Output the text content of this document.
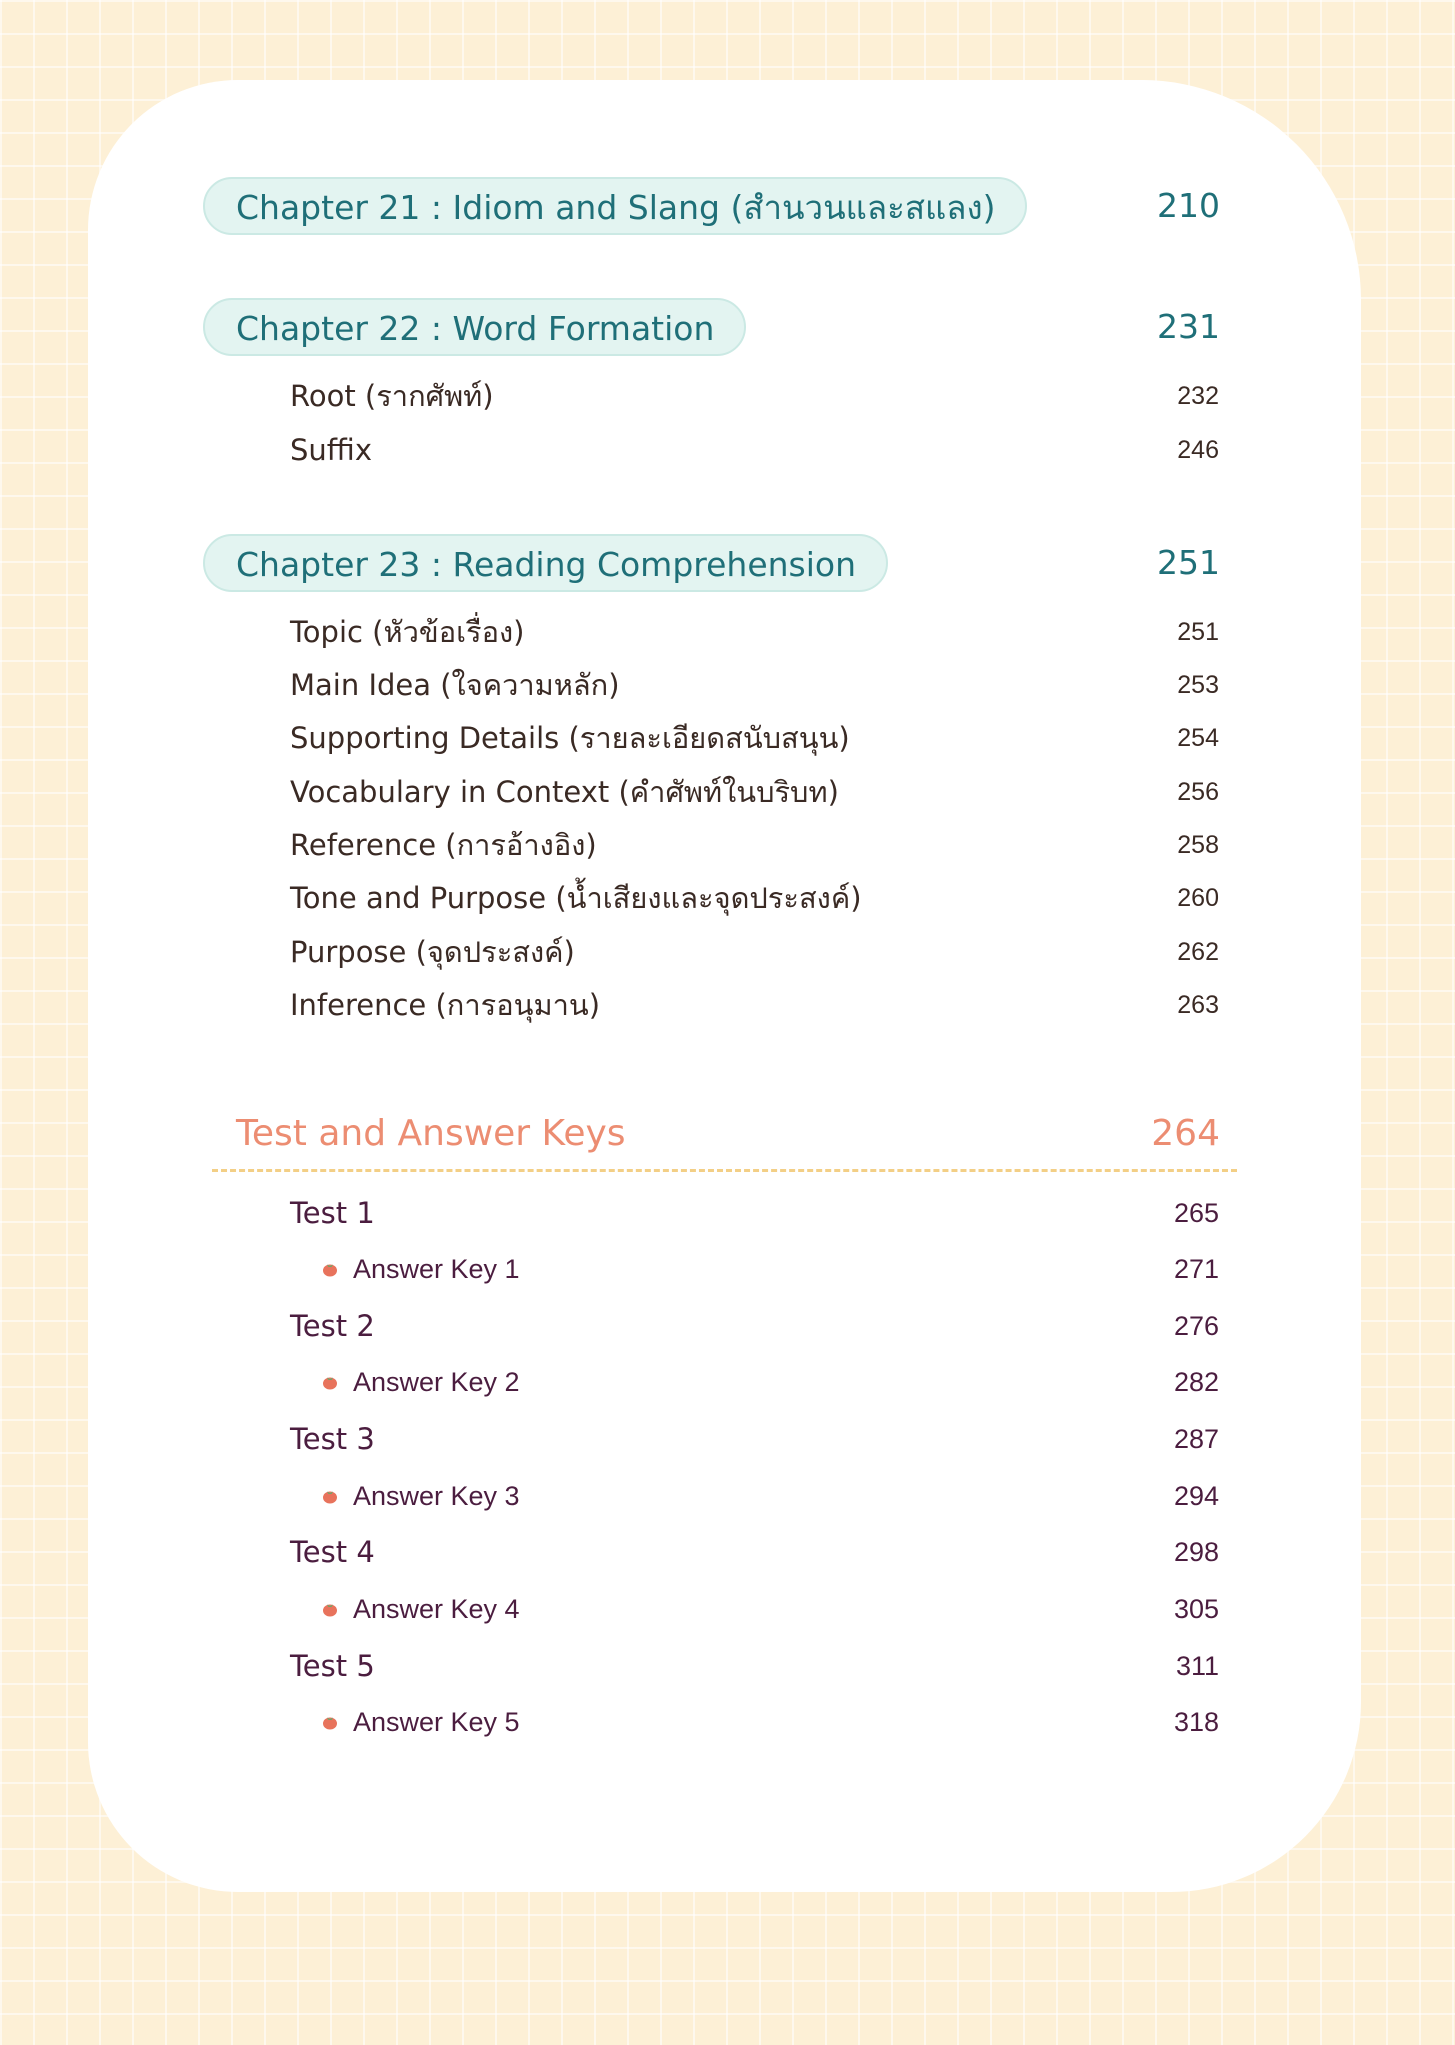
Chapter 21 : Idiom and Slang (สำนวนและสแลง)	210
Chapter 22 : Word Formation	231
Root (รากศัพท์)	232
Suffix	246
Chapter 23 : Reading Comprehension	251
Topic (หัวข้อเรื่อง)	251
Main Idea (ใจความหลัก)	253
Supporting Details (รายละเอียดสนับสนุน)	254
Vocabulary in Context (คำศัพท์ในบริบท)	256
Reference (การอ้างอิง)	258
Tone and Purpose (น้ำเสียงและจุดประสงค์)	260
Purpose (จุดประสงค์)	262
Inference (การอนุมาน)	263
Test and Answer Keys	264
Test 1	265
Answer Key 1	271
Test 2	276
Answer Key 2	282
Test 3	287
Answer Key 3	294
Test 4	298
Answer Key 4	305
Test 5	311
Answer Key 5	318
